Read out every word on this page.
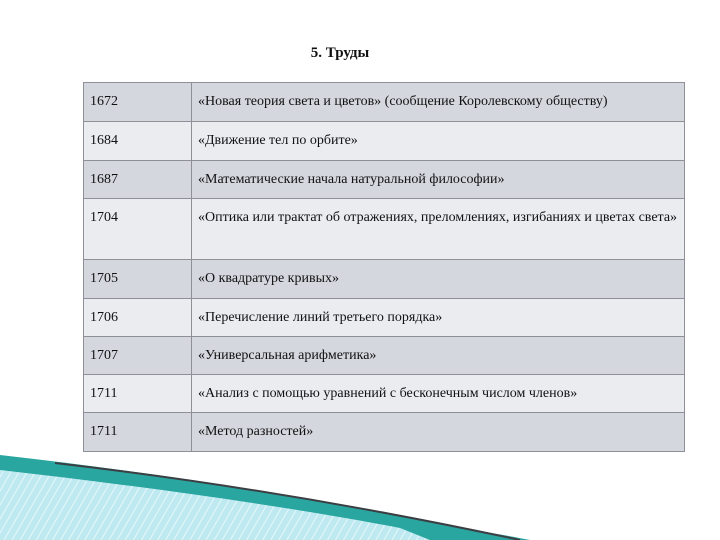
5. Труды
1672	«Новая теория света и цветов» (сообщение Королевскому обществу)
1684	«Движение тел по орбите»
1687	«Математические начала натуральной философии»
1704	«Оптика или трактат об отражениях, преломлениях, изгибаниях и цветах света»
1705	«О квадратуре кривых»
1706	«Перечисление линий третьего порядка»
1707	«Универсальная арифметика»
1711	«Анализ с помощью уравнений с бесконечным числом членов»
1711	«Метод разностей»
